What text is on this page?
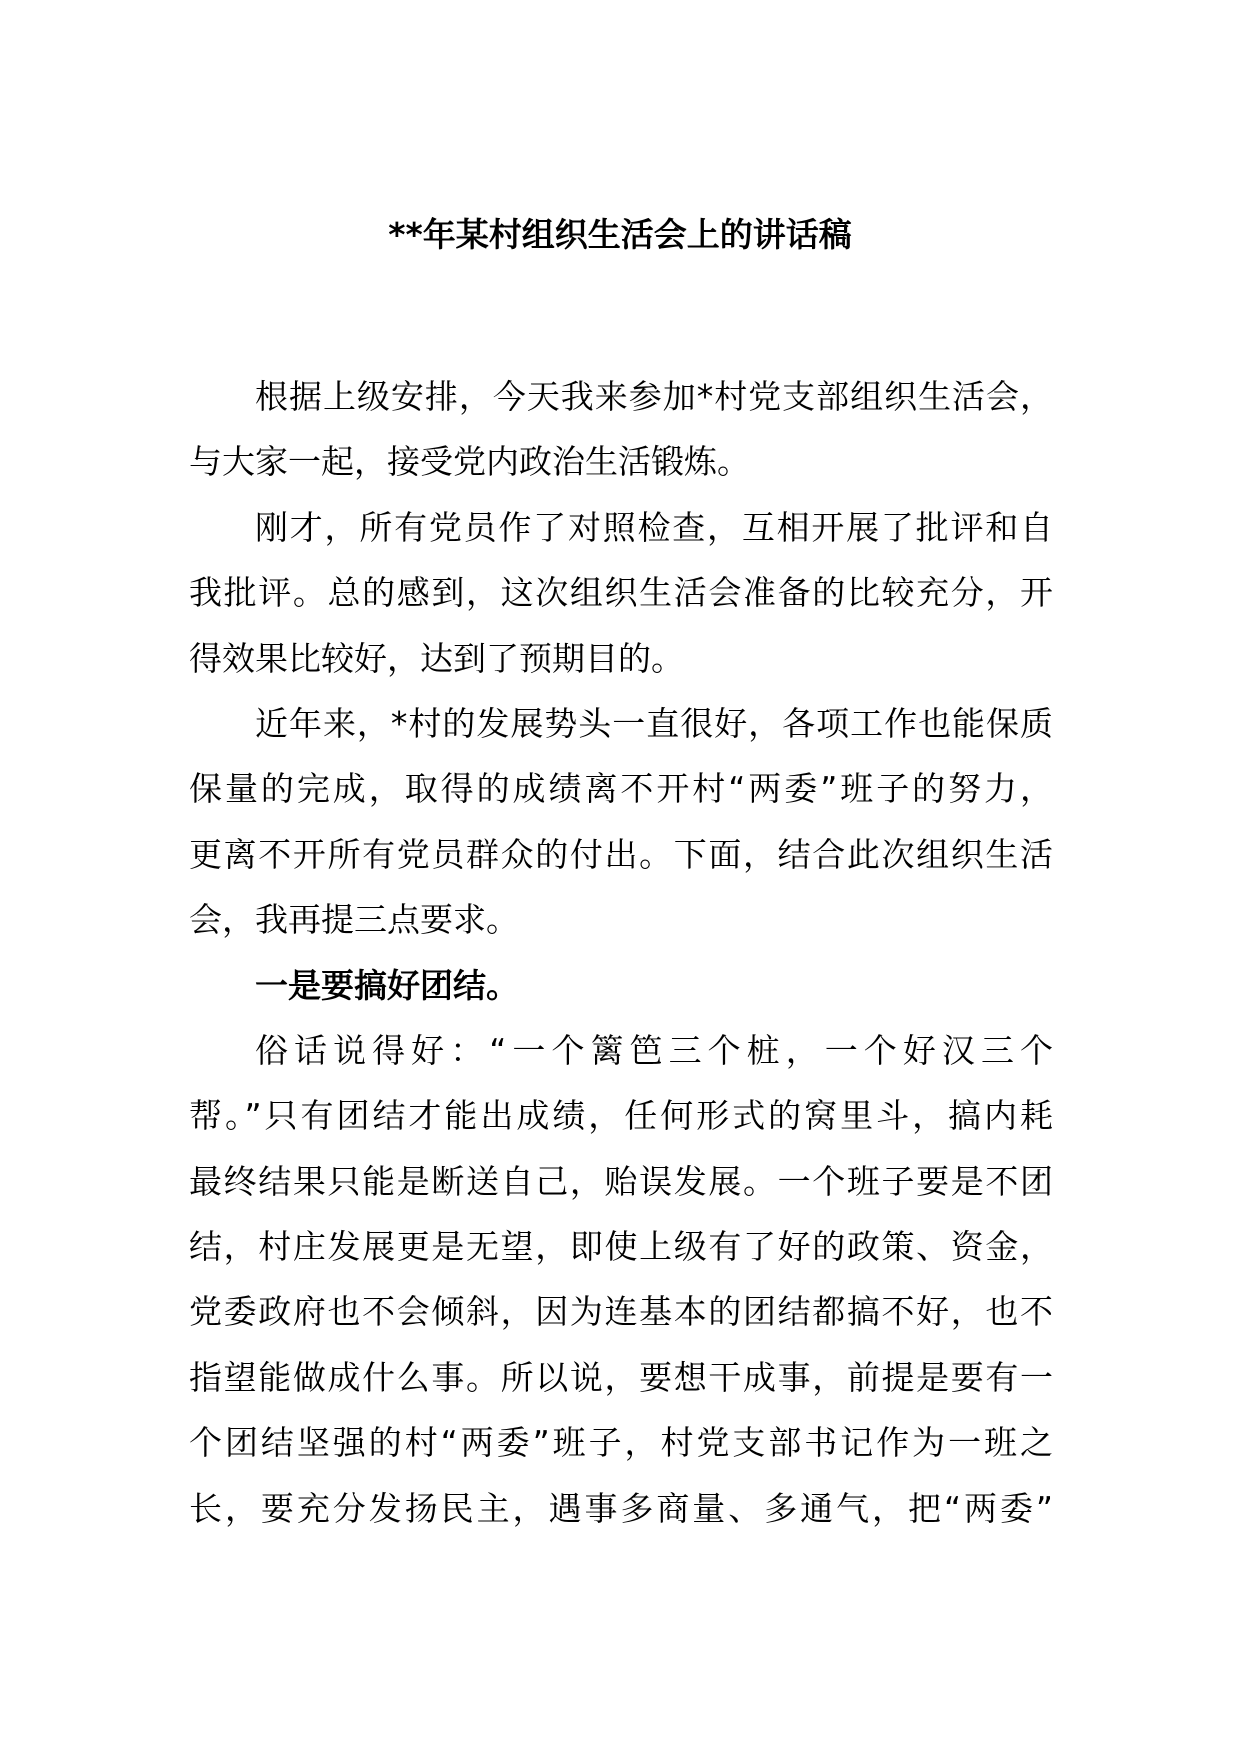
**年某村组织生活会上的讲话稿
根据上级安排，今天我来参加*村党支部组织生活会，
与大家一起，接受党内政治生活锻炼。
刚才，所有党员作了对照检查，互相开展了批评和自
我批评。总的感到，这次组织生活会准备的比较充分，开
得效果比较好，达到了预期目的。
近年来，*村的发展势头一直很好，各项工作也能保质
保量的完成，取得的成绩离不开村“两委”班子的努力，
更离不开所有党员群众的付出。下面，结合此次组织生活
会，我再提三点要求。
一是要搞好团结。
俗话说得好：“一个篱笆三个桩，一个好汉三个
帮。”只有团结才能出成绩，任何形式的窝里斗，搞内耗
最终结果只能是断送自己，贻误发展。一个班子要是不团
结，村庄发展更是无望，即使上级有了好的政策、资金，
党委政府也不会倾斜，因为连基本的团结都搞不好，也不
指望能做成什么事。所以说，要想干成事，前提是要有一
个团结坚强的村“两委”班子，村党支部书记作为一班之
长，要充分发扬民主，遇事多商量、多通气，把“两委”
